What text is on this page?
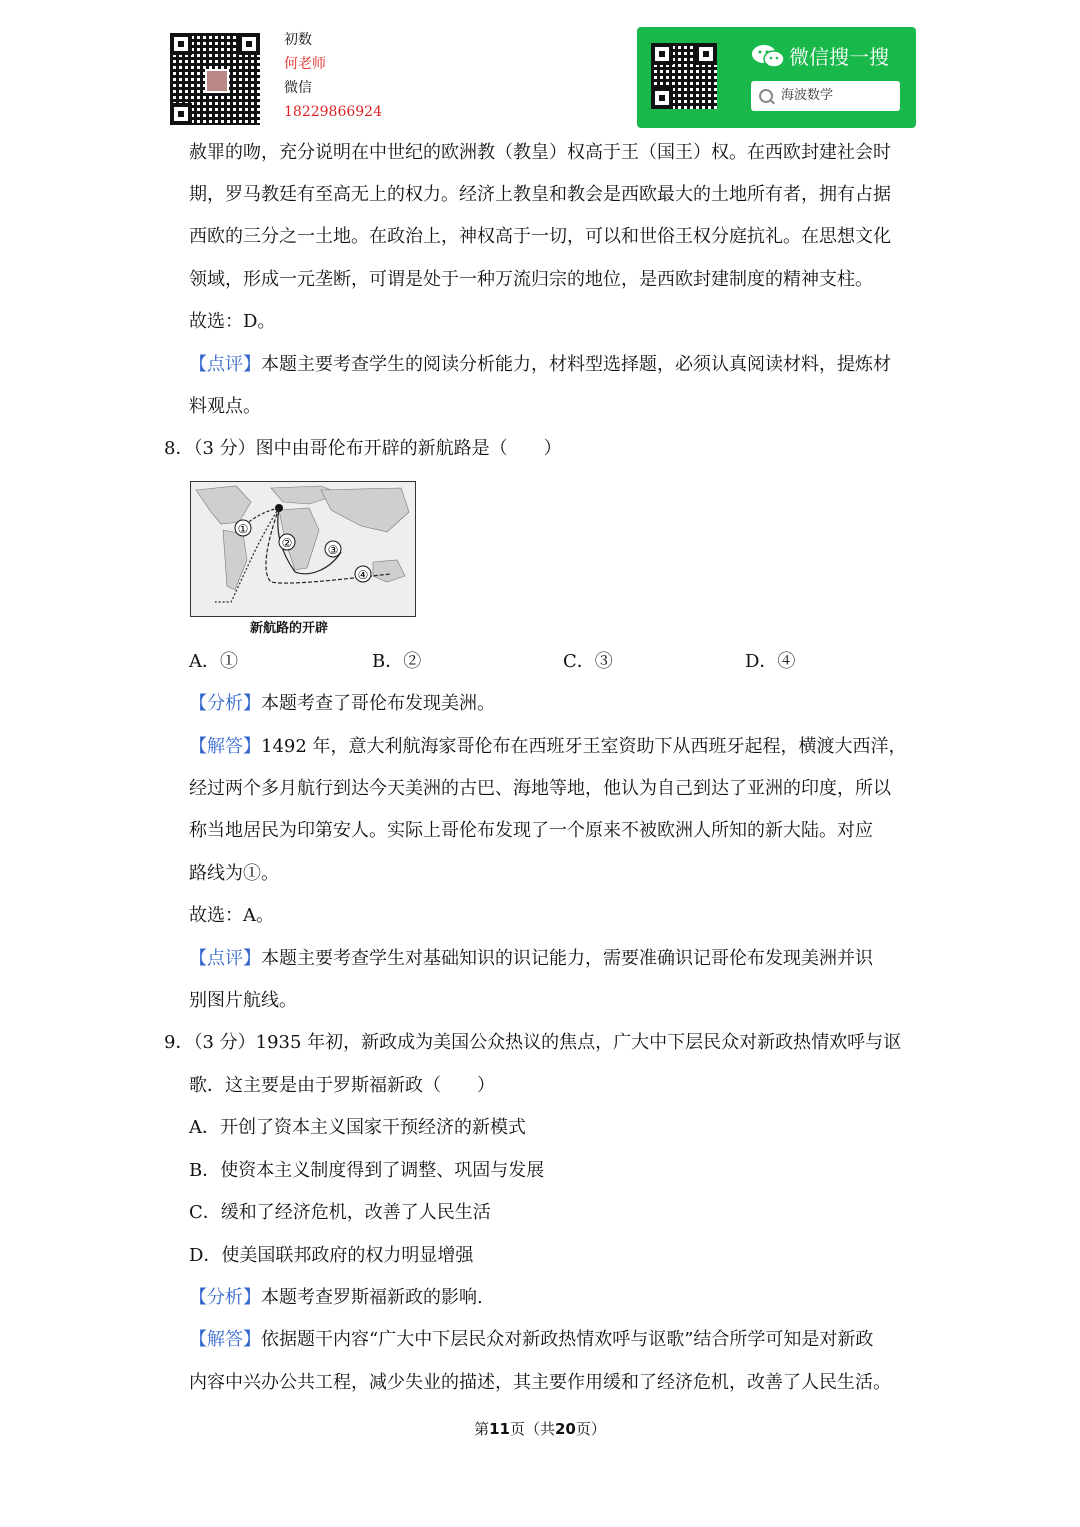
初数
何老师
微信
18229866924
微信搜一搜
海波数学
赦罪的吻，充分说明在中世纪的欧洲教（教皇）权高于王（国王）权。在西欧封建社会时
期，罗马教廷有至高无上的权力。经济上教皇和教会是西欧最大的土地所有者，拥有占据
西欧的三分之一土地。在政治上，神权高于一切，可以和世俗王权分庭抗礼。在思想文化
领域，形成一元垄断，可谓是处于一种万流归宗的地位，是西欧封建制度的精神支柱。
故选：D。
【点评】本题主要考查学生的阅读分析能力，材料型选择题，必须认真阅读材料，提炼材
料观点。
8．（3 分）图中由哥伦布开辟的新航路是（　　）
①
②	③
④
新航路的开辟
A．①	B．②	C．③	D．④
【分析】本题考查了哥伦布发现美洲。
【解答】1492 年，意大利航海家哥伦布在西班牙王室资助下从西班牙起程，横渡大西洋，
经过两个多月航行到达今天美洲的古巴、海地等地，他认为自己到达了亚洲的印度，所以
称当地居民为印第安人。实际上哥伦布发现了一个原来不被欧洲人所知的新大陆。对应
路线为①。
故选：A。
【点评】本题主要考查学生对基础知识的识记能力，需要准确识记哥伦布发现美洲并识
别图片航线。
9．（3 分）1935 年初，新政成为美国公众热议的焦点，广大中下层民众对新政热情欢呼与讴
歌．这主要是由于罗斯福新政（　　）
A．开创了资本主义国家干预经济的新模式
B．使资本主义制度得到了调整、巩固与发展
C．缓和了经济危机，改善了人民生活
D．使美国联邦政府的权力明显增强
【分析】本题考查罗斯福新政的影响.
【解答】依据题干内容“广大中下层民众对新政热情欢呼与讴歌”结合所学可知是对新政
内容中兴办公共工程，减少失业的描述，其主要作用缓和了经济危机，改善了人民生活。
第11页（共20页）
